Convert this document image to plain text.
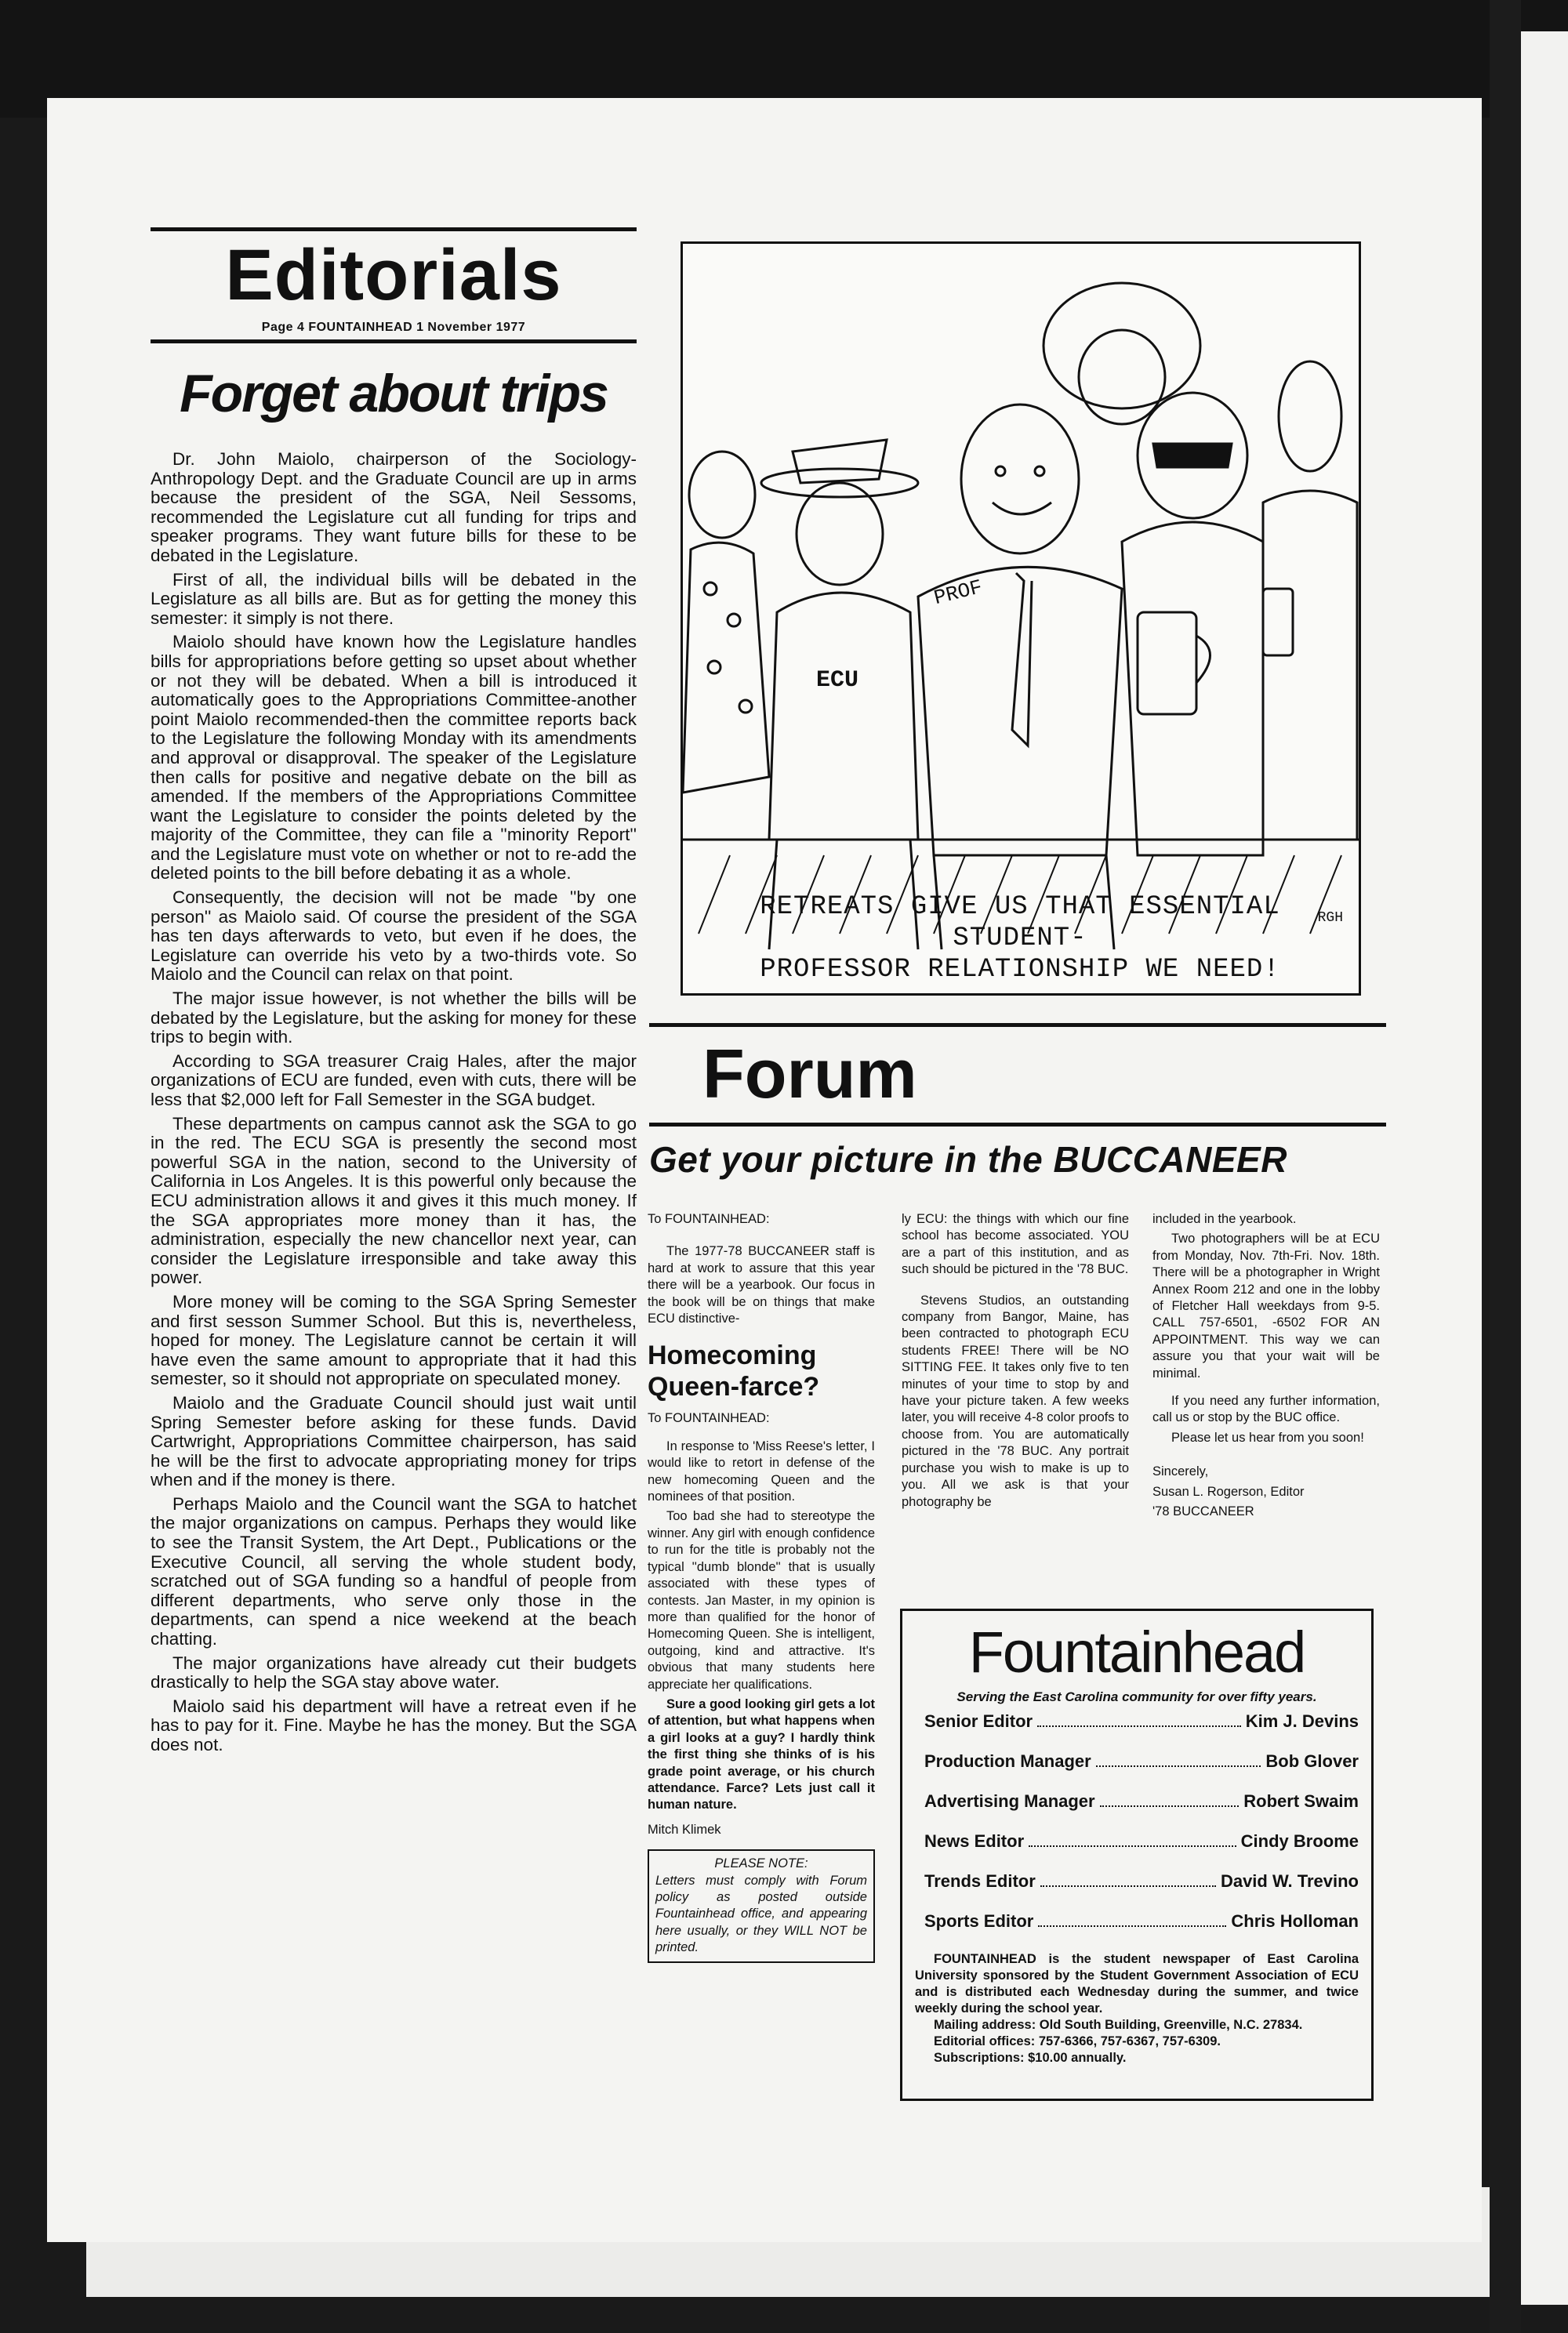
Editorials
Page 4 FOUNTAINHEAD 1 November 1977
Forget about trips

Dr. John Maiolo, chairperson of the Sociology-Anthropology Dept. and the Graduate Council are up in arms because the president of the SGA, Neil Sessoms, recommended the Legislature cut all funding for trips and speaker programs. They want future bills for these to be debated in the Legislature.

First of all, the individual bills will be debated in the Legislature as all bills are. But as for getting the money this semester: it simply is not there.

Maiolo should have known how the Legislature handles bills for appropriations before getting so upset about whether or not they will be debated. When a bill is introduced it automatically goes to the Appropriations Committee-another point Maiolo recommended-then the committee reports back to the Legislature the following Monday with its amendments and approval or disapproval. The speaker of the Legislature then calls for positive and negative debate on the bill as amended. If the members of the Appropriations Committee want the Legislature to consider the points deleted by the majority of the Committee, they can file a ''minority Report'' and the Legislature must vote on whether or not to re-add the deleted points to the bill before debating it as a whole.

Consequently, the decision will not be made ''by one person'' as Maiolo said. Of course the president of the SGA has ten days afterwards to veto, but even if he does, the Legislature can override his veto by a two-thirds vote. So Maiolo and the Council can relax on that point.

The major issue however, is not whether the bills will be debated by the Legislature, but the asking for money for these trips to begin with.

According to SGA treasurer Craig Hales, after the major organizations of ECU are funded, even with cuts, there will be less that $2,000 left for Fall Semester in the SGA budget.

These departments on campus cannot ask the SGA to go in the red. The ECU SGA is presently the second most powerful SGA in the nation, second to the University of California in Los Angeles. It is this powerful only because the ECU administration allows it and gives it this much money. If the SGA appropriates more money than it has, the administration, especially the new chancellor next year, can consider the Legislature irresponsible and take away this power.

More money will be coming to the SGA Spring Semester and first sesson Summer School. But this is, nevertheless, hoped for money. The Legislature cannot be certain it will have even the same amount to appropriate that it had this semester, so it should not appropriate on speculated money.

Maiolo and the Graduate Council should just wait until Spring Semester before asking for these funds. David Cartwright, Appropriations Committee chairperson, has said he will be the first to advocate appropriating money for trips when and if the money is there.

Perhaps Maiolo and the Council want the SGA to hatchet the major organizations on campus. Perhaps they would like to see the Transit System, the Art Dept., Publications or the Executive Council, all serving the whole student body, scratched out of SGA funding so a handful of people from different departments, who serve only those in the departments, can spend a nice weekend at the beach chatting.

The major organizations have already cut their budgets drastically to help the SGA stay above water.

Maiolo said his department will have a retreat even if he has to pay for it. Fine. Maybe he has the money. But the SGA does not.

PROF
ECU
RGH
RETREATS GIVE US THAT ESSENTIAL STUDENT-
PROFESSOR RELATIONSHIP WE NEED!
Forum
Get your picture in the BUCCANEER

To FOUNTAINHEAD:

The 1977-78 BUCCANEER staff is hard at work to assure that this year there will be a yearbook. Our focus in the book will be on things that make ECU distinctive-

Homecoming Queen-farce?

To FOUNTAINHEAD:

In response to 'Miss Reese's letter, I would like to retort in defense of the new homecoming Queen and the nominees of that position.

Too bad she had to stereotype the winner. Any girl with enough confidence to run for the title is probably not the typical ''dumb blonde'' that is usually associated with these types of contests. Jan Master, in my opinion is more than qualified for the honor of Homecoming Queen. She is intelligent, outgoing, kind and attractive. It's obvious that many students here appreciate her qualifications.

Sure a good looking girl gets a lot of attention, but what happens when a girl looks at a guy? I hardly think the first thing she thinks of is his grade point average, or his church attendance. Farce? Lets just call it human nature.

Mitch Klimek

PLEASE NOTE:
Letters must comply with Forum policy as posted outside Fountainhead office, and appearing here usually, or they WILL NOT be printed.

ly ECU: the things with which our fine school has become associated. YOU are a part of this institution, and as such should be pictured in the '78 BUC.

Stevens Studios, an outstanding company from Bangor, Maine, has been contracted to photograph ECU students FREE! There will be NO SITTING FEE. It takes only five to ten minutes of your time to stop by and have your picture taken. A few weeks later, you will receive 4-8 color proofs to choose from. You are automatically pictured in the '78 BUC. Any portrait purchase you wish to make is up to you. All we ask is that your photography be

included in the yearbook.

Two photographers will be at ECU from Monday, Nov. 7th-Fri. Nov. 18th. There will be a photographer in Wright Annex Room 212 and one in the lobby of Fletcher Hall weekdays from 9-5. CALL 757-6501, -6502 FOR AN APPOINTMENT. This way we can assure you that your wait will be minimal.

If you need any further information, call us or stop by the BUC office.

Please let us hear from you soon!

Sincerely,

Susan L. Rogerson, Editor

'78 BUCCANEER

Fountainhead
Serving the East Carolina community for over fifty years.
Senior Editor	Kim J. Devins
Production Manager	Bob Glover
Advertising Manager	Robert Swaim
News Editor	Cindy Broome
Trends Editor	David W. Trevino
Sports Editor	Chris Holloman

FOUNTAINHEAD is the student newspaper of East Carolina University sponsored by the Student Government Association of ECU and is distributed each Wednesday during the summer, and twice weekly during the school year.

Mailing address: Old South Building, Greenville, N.C. 27834.

Editorial offices: 757-6366, 757-6367, 757-6309.

Subscriptions: $10.00 annually.
